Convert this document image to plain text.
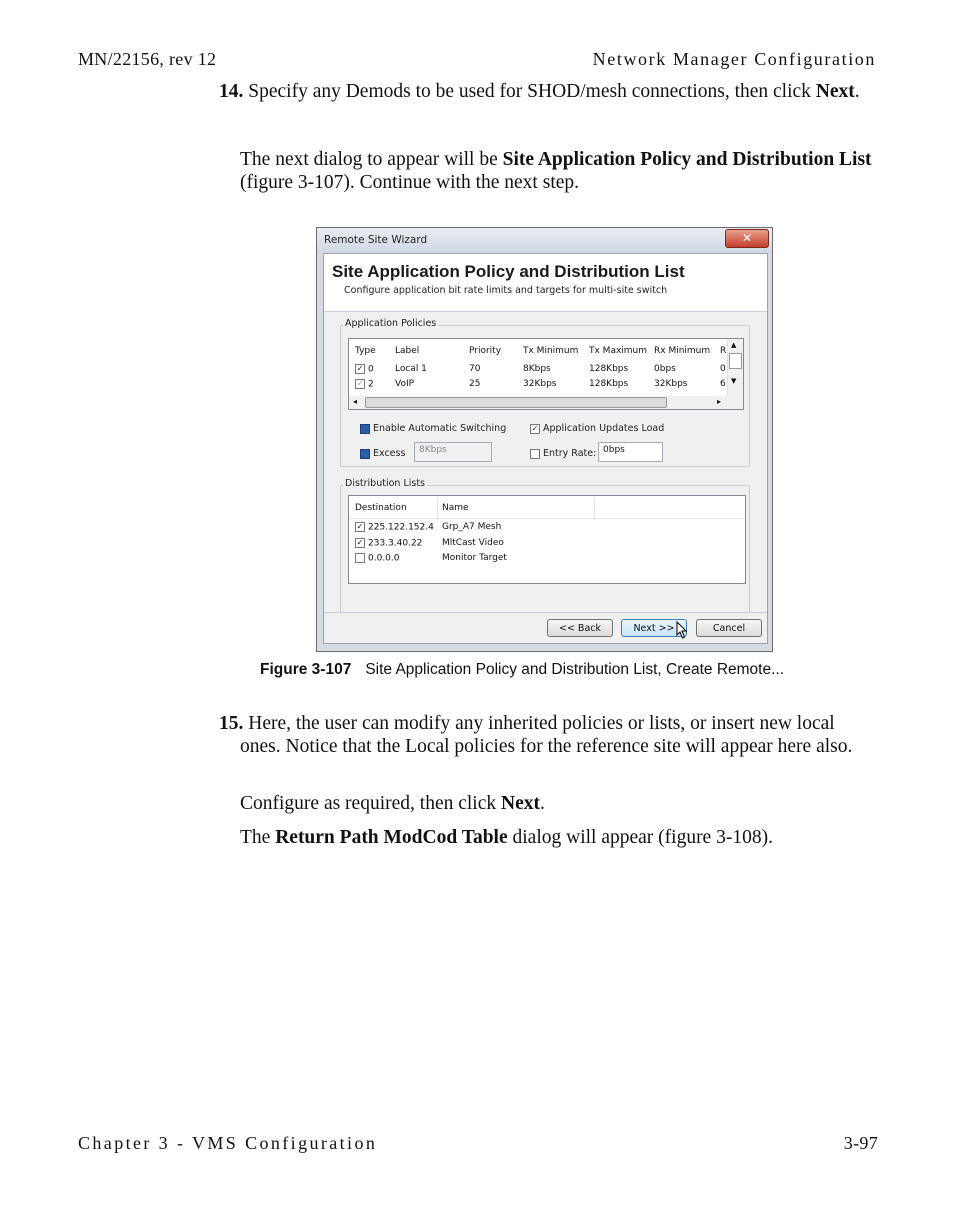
MN/22156, rev 12	Network Manager Configuration
14. Specify any Demods to be used for SHOD/mesh connections, then click Next.
The next dialog to appear will be Site Application Policy and Distribution List (figure 3-107). Continue with the next step.
Remote Site Wizard	✕
Site Application Policy and Distribution List
Configure application bit rate limits and targets for multi-site switch
Application Policies
Type Label	Priority Tx Minimum Tx Maximum Rx Minimum R
✓ 0 Local 1	70	8Kbps	128Kbps	0bps	0
✓ 2 VoIP	25	32Kbps	128Kbps	32Kbps	6
▲
▼
◂	▸
Enable Automatic Switching	✓ Application Updates Load
Excess	8Kbps	Entry Rate: 0bps
Distribution Lists
Destination	Name
✓ 225.122.152.4 Grp_A7 Mesh
✓ 233.3.40.22 MltCast Video
0.0.0.0	Monitor Target
<< Back	Next >>	Cancel
Figure 3-107 Site Application Policy and Distribution List, Create Remote...
15. Here, the user can modify any inherited policies or lists, or insert new local ones. Notice that the Local policies for the reference site will appear here also.
Configure as required, then click Next.
The Return Path ModCod Table dialog will appear (figure 3-108).
Chapter 3 - VMS Configuration	3-97
